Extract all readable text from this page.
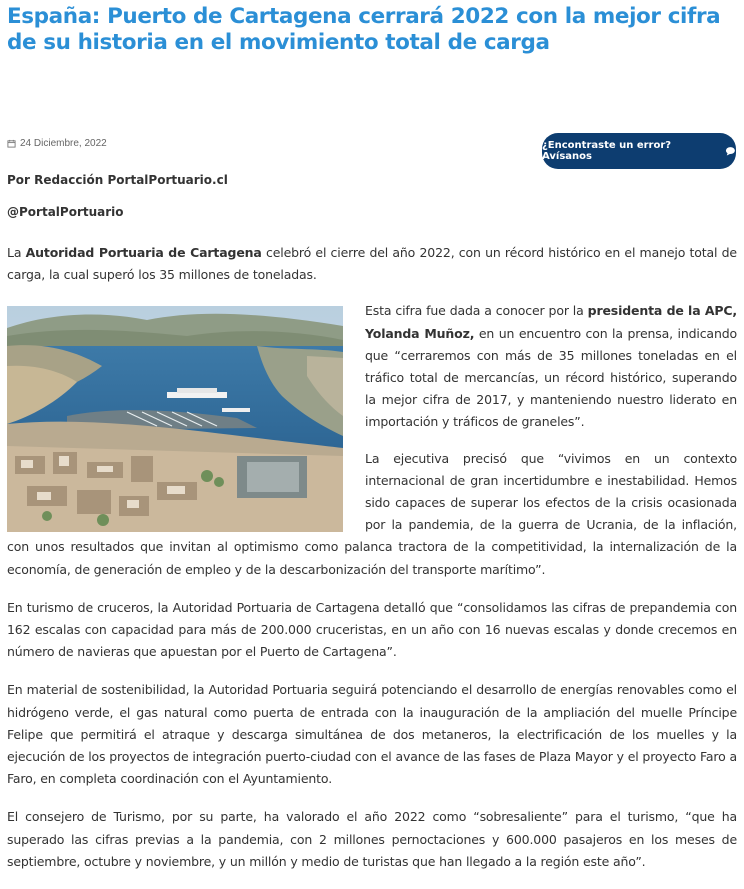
España: Puerto de Cartagena cerrará 2022 con la mejor cifra de su historia en el movimiento total de carga
24 Diciembre, 2022	¿Encontraste un error? Avísanos

Por Redacción PortalPortuario.cl

@PortalPortuario

La Autoridad Portuaria de Cartagena celebró el cierre del año 2022, con un récord histórico en el manejo total de carga, la cual superó los 35 millones de toneladas.

Esta cifra fue dada a conocer por la presidenta de la APC, Yolanda Muñoz, en un encuentro con la prensa, indicando que “cerraremos con más de 35 millones toneladas en el tráfico total de mercancías, un récord histórico, superando la mejor cifra de 2017, y manteniendo nuestro liderato en importación y tráficos de graneles”.

La ejecutiva precisó que “vivimos en un contexto internacional de gran incertidumbre e inestabilidad. Hemos sido capaces de superar los efectos de la crisis ocasionada por la pandemia, de la guerra de Ucrania, de la inflación, con unos resultados que invitan al optimismo como palanca tractora de la competitividad, la internalización de la economía, de generación de empleo y de la descarbonización del transporte marítimo”.

En turismo de cruceros, la Autoridad Portuaria de Cartagena detalló que “consolidamos las cifras de prepandemia con 162 escalas con capacidad para más de 200.000 cruceristas, en un año con 16 nuevas escalas y donde crecemos en número de navieras que apuestan por el Puerto de Cartagena”.

En material de sostenibilidad, la Autoridad Portuaria seguirá potenciando el desarrollo de energías renovables como el hidrógeno verde, el gas natural como puerta de entrada con la inauguración de la ampliación del muelle Príncipe Felipe que permitirá el atraque y descarga simultánea de dos metaneros, la electrificación de los muelles y la ejecución de los proyectos de integración puerto-ciudad con el avance de las fases de Plaza Mayor y el proyecto Faro a Faro, en completa coordinación con el Ayuntamiento.

El consejero de Turismo, por su parte, ha valorado el año 2022 como “sobresaliente” para el turismo, “que ha superado las cifras previas a la pandemia, con 2 millones pernoctaciones y 600.000 pasajeros en los meses de septiembre, octubre y noviembre, y un millón y medio de turistas que han llegado a la región este año”.
